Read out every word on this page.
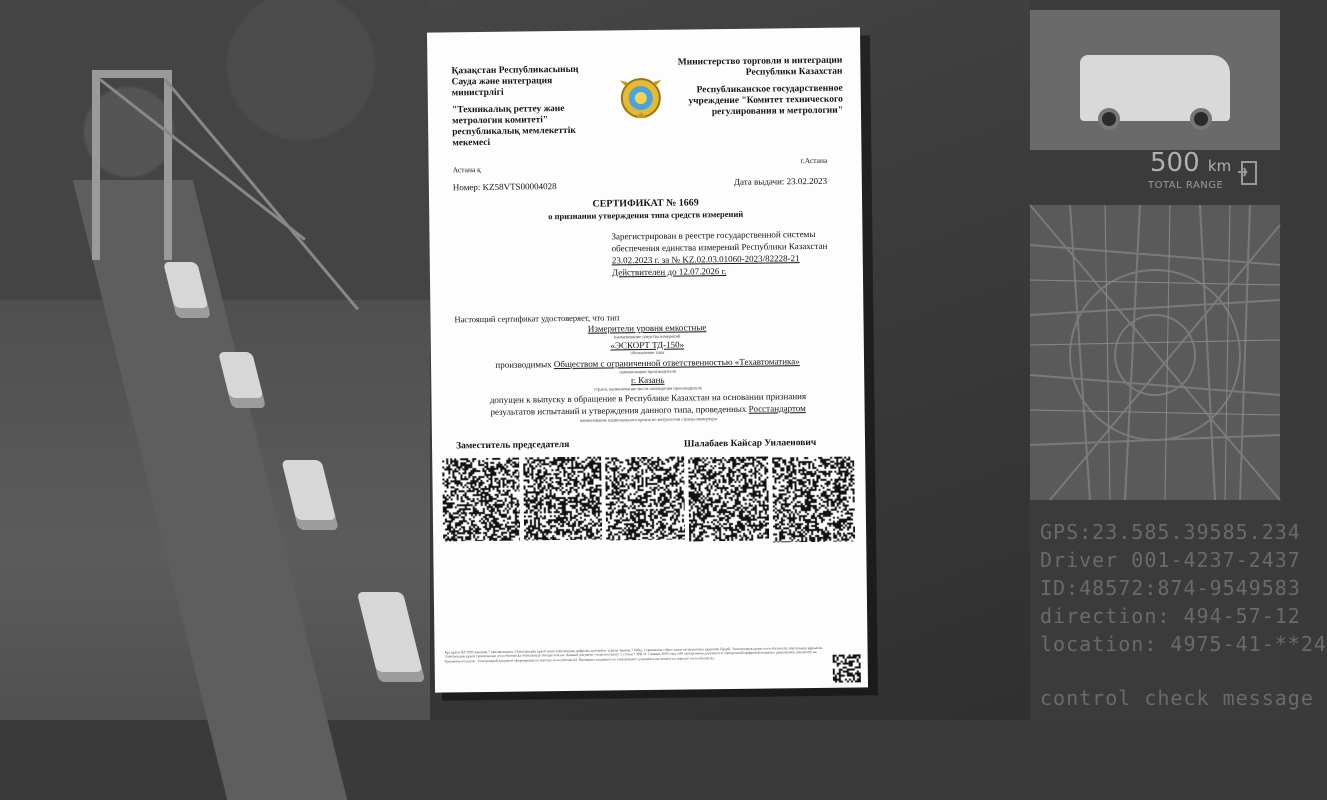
500 km
TOTAL RANGE
GPS:23.585.39585.234
Driver 001-4237-2437
ID:48572:874-9549583
direction: 494-57-12
location: 4975-41-**24
control check message
Қазақстан Республикасының Сауда және интеграция министрлігі
"Техникалық реттеу және метрология комитеті" республикалық мемлекеттік мекемесі
Министерство торговли и интеграции Республики Казахстан
Республиканское государственное учреждение "Комитет технического регулирования и метрологии"
Астана қ
г.Астана
Номер: KZ58VTS00004028	Дата выдачи: 23.02.2023
СЕРТИФИКАТ № 1669
о признании утверждения типа средств измерений
Зарегистрирован в реестре государственной системы обеспечения единства измерений Республики Казахстан
23.02.2023 г. за № KZ.02.03.01060-2023/82228-21
Действителен до 12.07.2026 г.
Настоящий сертификат удостоверяет, что тип
Измерители уровня емкостные
наименование средства измерений
«ЭСКОРТ ТД-150»
обозначение типа
производимых Обществом с ограниченной ответственностью «Техавтоматика»
наименование производителя
г. Казань
страна, наименование места нахождения производителя
допущен к выпуску в обращение в Республике Казахстан на основании признания
результатов испытаний и утверждения данного типа, проведенных Росстандартом
наименование национального органа по метрологии страны-импортера
Заместитель председателя	Шалабаев Кайсар Уилаенович
Бұл құжат ҚР 2003 жылдың 7 қаңтарындағы «Электрондық құжат және электрондық цифрлық қолтаңба» туралы заңның 7 бабы, 1 тармағына сәйкес қағаз тасығыштағы құжатпен бірдей. Электрондық құжат www.elicense.kz порталында құрылған. Электрондық құжат түпнұсқасын www.elicense.kz порталында тексере аласыз. Данный документ согласно пункту 1 статьи 7 ЗРК от 7 января 2003 года «Об электронном документе и электронной цифровой подписи» равнозначен документу на бумажном носителе. Электронный документ сформирован на портале www.elicense.kz. Проверить подлинность электронного документа вы можете на портале www.elicense.kz.
